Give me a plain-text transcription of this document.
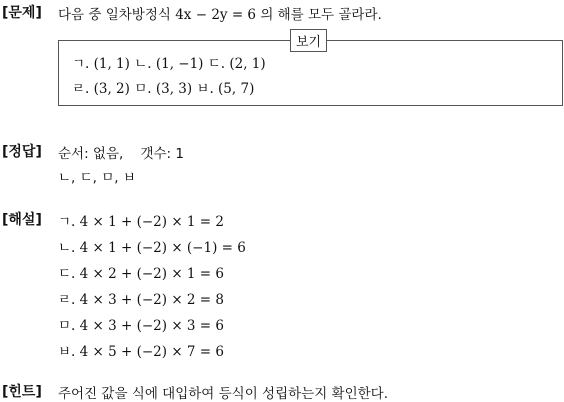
[문제] 다음 중 일차방정식 4x − 2y = 6 의 해를 모두 골라라.
보기
ㄱ. (1, 1) ㄴ. (1, −1) ㄷ. (2, 1)
ㄹ. (3, 2) ㅁ. (3, 3) ㅂ. (5, 7)
[정답] 순서: 없음, 갯수: 1
ㄴ, ㄷ, ㅁ, ㅂ
[해설] ㄱ. 4 × 1 + (−2) × 1 = 2
ㄴ. 4 × 1 + (−2) × (−1) = 6
ㄷ. 4 × 2 + (−2) × 1 = 6
ㄹ. 4 × 3 + (−2) × 2 = 8
ㅁ. 4 × 3 + (−2) × 3 = 6
ㅂ. 4 × 5 + (−2) × 7 = 6
[힌트] 주어진 값을 식에 대입하여 등식이 성립하는지 확인한다.
